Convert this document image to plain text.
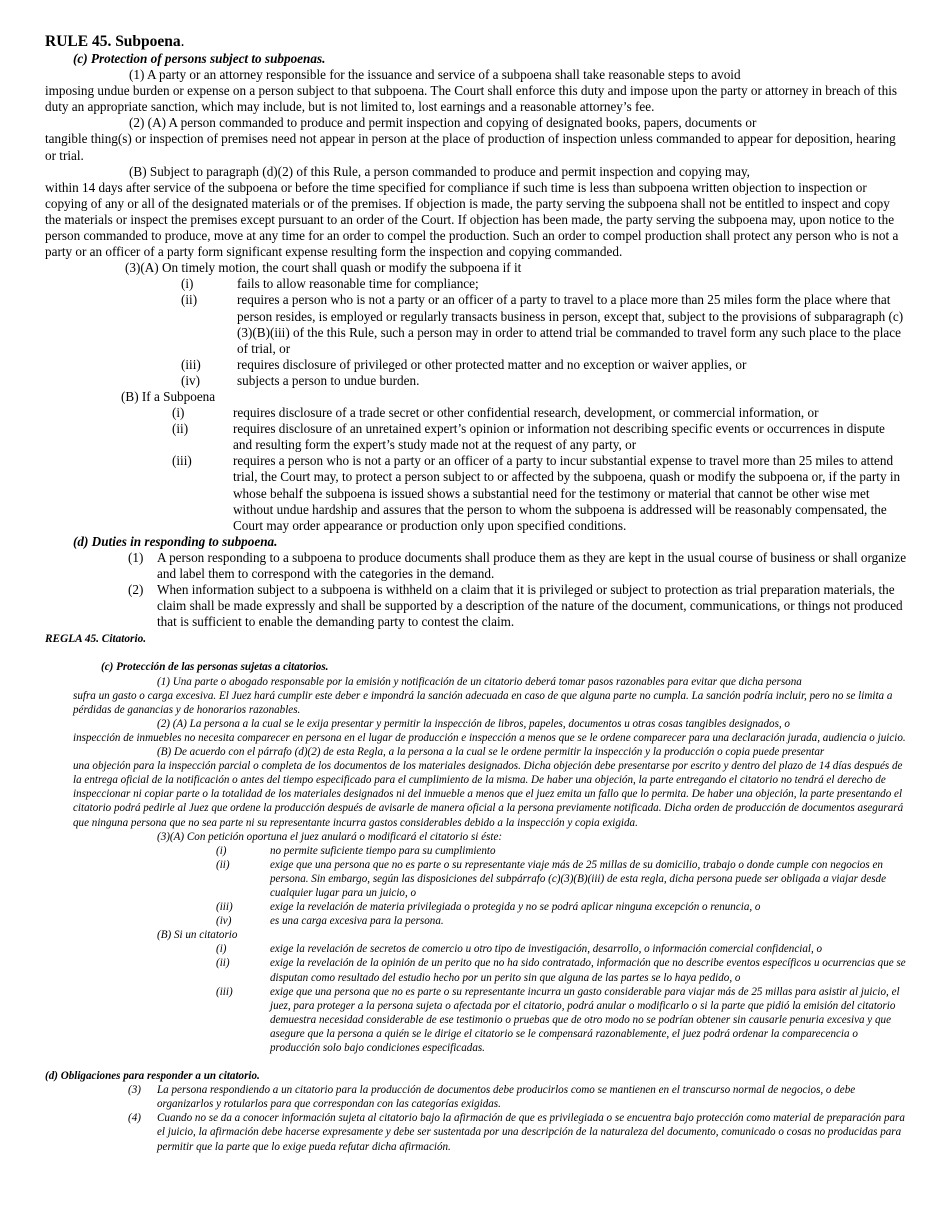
RULE 45. Subpoena.

(c) Protection of persons subject to subpoenas.

(1) A party or an attorney responsible for the issuance and service of a subpoena shall take reasonable steps to avoid

imposing undue burden or expense on a person subject to that subpoena. The Court shall enforce this duty and impose upon the party or attorney in breach of this duty an appropriate sanction, which may include, but is not limited to, lost earnings and a reasonable attorney’s fee.

(2) (A) A person commanded to produce and permit inspection and copying of designated books, papers, documents or

tangible thing(s) or inspection of premises need not appear in person at the place of production of inspection unless commanded to appear for deposition, hearing or trial.

(B) Subject to paragraph (d)(2) of this Rule, a person commanded to produce and permit inspection and copying may,

within 14 days after service of the subpoena or before the time specified for compliance if such time is less than subpoena written objection to inspection or copying of any or all of the designated materials or of the premises. If objection is made, the party serving the subpoena shall not be entitled to inspect and copy the materials or inspect the premises except pursuant to an order of the Court. If objection has been made, the party serving the subpoena may, upon notice to the person commanded to produce, move at any time for an order to compel the production. Such an order to compel production shall protect any person who is not a party or an officer of a party form significant expense resulting form the inspection and copying commanded.

(3)(A) On timely motion, the court shall quash or modify the subpoena if it

(i)	fails to allow reasonable time for compliance;
(ii)	requires a person who is not a party or an officer of a party to travel to a place more than 25 miles form the place where that person resides, is employed or regularly transacts business in person, except that, subject to the provisions of subparagraph (c)(3)(B)(iii) of the this Rule, such a person may in order to attend trial be commanded to travel form any such place to the place of trial, or
(iii)	requires disclosure of privileged or other protected matter and no exception or waiver applies, or
(iv)	subjects a person to undue burden.

(B) If a Subpoena

(i)	requires disclosure of a trade secret or other confidential research, development, or commercial information, or
(ii)	requires disclosure of an unretained expert’s opinion or information not describing specific events or occurrences in dispute and resulting form the expert’s study made not at the request of any party, or
(iii)	requires a person who is not a party or an officer of a party to incur substantial expense to travel more than 25 miles to attend trial, the Court may, to protect a person subject to or affected by the subpoena, quash or modify the subpoena or, if the party in whose behalf the subpoena is issued shows a substantial need for the testimony or material that cannot be other wise met without undue hardship and assures that the person to whom the subpoena is addressed will be reasonably compensated, the Court may order appearance or production only upon specified conditions.

(d) Duties in responding to subpoena.

(1)	A person responding to a subpoena to produce documents shall produce them as they are kept in the usual course of business or shall organize and label them to correspond with the categories in the demand.
(2)	When information subject to a subpoena is withheld on a claim that it is privileged or subject to protection as trial preparation materials, the claim shall be made expressly and shall be supported by a description of the nature of the document, communications, or things not produced that is sufficient to enable the demanding party to contest the claim.

REGLA 45. Citatorio.

(c) Protección de las personas sujetas a citatorios.

(1) Una parte o abogado responsable por la emisión y notificación de un citatorio deberá tomar pasos razonables para evitar que dicha persona

sufra un gasto o carga excesiva. El Juez hará cumplir este deber e impondrá la sanción adecuada en caso de que alguna parte no cumpla. La sanción podría incluir, pero no se limita a pérdidas de ganancias y de honorarios razonables.

(2) (A) La persona a la cual se le exija presentar y permitir la inspección de libros, papeles, documentos u otras cosas tangibles designados, o

inspección de inmuebles no necesita comparecer en persona en el lugar de producción e inspección a menos que se le ordene comparecer para una declaración jurada, audiencia o juicio.

(B) De acuerdo con el párrafo (d)(2) de esta Regla, a la persona a la cual se le ordene permitir la inspección y la producción o copia puede presentar

una objeción para la inspección parcial o completa de los documentos de los materiales designados. Dicha objeción debe presentarse por escrito y dentro del plazo de 14 días después de la entrega oficial de la notificación o antes del tiempo especificado para el cumplimiento de la misma. De haber una objeción, la parte entregando el citatorio no tendrá el derecho de inspeccionar ni copiar parte o la totalidad de los materiales designados ni del inmueble a menos que el juez emita un fallo que lo permita. De haber una objeción, la parte presentando el citatorio podrá pedirle al Juez que ordene la producción después de avisarle de manera oficial a la persona previamente notificada. Dicha orden de producción de documentos asegurará que ninguna persona que no sea parte ni su representante incurra gastos considerables debido a la inspección y copia exigida.

(3)(A) Con petición oportuna el juez anulará o modificará el citatorio si éste:

(i)	no permite suficiente tiempo para su cumplimiento
(ii)	exige que una persona que no es parte o su representante viaje más de 25 millas de su domicilio, trabajo o donde cumple con negocios en persona. Sin embargo, según las disposiciones del subpárrafo (c)(3)(B)(iii) de esta regla, dicha persona puede ser obligada a viajar desde cualquier lugar para un juicio, o
(iii)	exige la revelación de materia privilegiada o protegida y no se podrá aplicar ninguna excepción o renuncia, o
(iv)	es una carga excesiva para la persona.

(B) Si un citatorio

(i)	exige la revelación de secretos de comercio u otro tipo de investigación, desarrollo, o información comercial confidencial, o
(ii)	exige la revelación de la opinión de un perito que no ha sido contratado, información que no describe eventos específicos u ocurrencias que se disputan como resultado del estudio hecho por un perito sin que alguna de las partes se lo haya pedido, o
(iii)	exige que una persona que no es parte o su representante incurra un gasto considerable para viajar más de 25 millas para asistir al juicio, el juez, para proteger a la persona sujeta o afectada por el citatorio, podrá anular o modificarlo o si la parte que pidió la emisión del citatorio demuestra necesidad considerable de ese testimonio o pruebas que de otro modo no se podrían obtener sin causarle penuria excesiva y que asegure que la persona a quién se le dirige el citatorio se le compensará razonablemente, el juez podrá ordenar la comparecencia o producción solo bajo condiciones especificadas.

(d) Obligaciones para responder a un citatorio.

(3)	La persona respondiendo a un citatorio para la producción de documentos debe producirlos como se mantienen en el transcurso normal de negocios, o debe organizarlos y rotularlos para que correspondan con las categorías exigidas.
(4)	Cuando no se da a conocer información sujeta al citatorio bajo la afirmación de que es privilegiada o se encuentra bajo protección como material de preparación para el juicio, la afirmación debe hacerse expresamente y debe ser sustentada por una descripción de la naturaleza del documento, comunicado o cosas no producidas para permitir que la parte que lo exige pueda refutar dicha afirmación.
